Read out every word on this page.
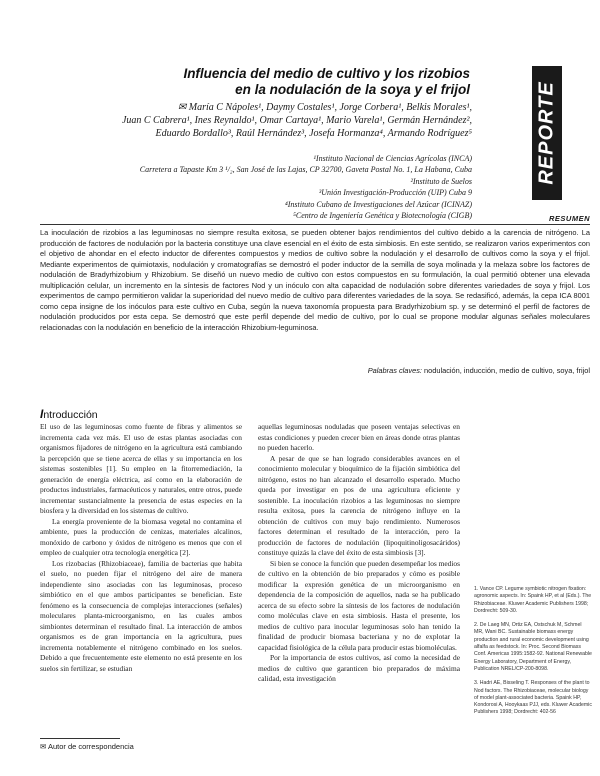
Influencia del medio de cultivo y los rizobios
en la nodulación de la soya y el frijol	REPORTE
✉ María C Nápoles¹, Daymy Costales¹, Jorge Corbera¹, Belkis Morales¹,
Juan C Cabrera¹, Ines Reynaldo¹, Omar Cartaya¹, Mario Varela¹, Germán Hernández²,
Eduardo Bordallo³, Raúl Hernández³, Josefa Hormanza⁴, Armando Rodríguez⁵
¹Instituto Nacional de Ciencias Agrícolas (INCA)
Carretera a Tapaste Km 3 ¹/₂, San José de las Lajas, CP 32700, Gaveta Postal No. 1, La Habana, Cuba
²Instituto de Suelos
³Unión Investigación-Producción (UIP) Cuba 9
⁴Instituto Cubano de Investigaciones del Azúcar (ICINAZ)
⁵Centro de Ingeniería Genética y Biotecnología (CIGB)	RESUMEN
La inoculación de rizobios a las leguminosas no siempre resulta exitosa, se pueden obtener bajos rendimientos del cultivo debido a la carencia de nitrógeno. La producción de factores de nodulación por la bacteria constituye una clave esencial en el éxito de esta simbiosis. En este sentido, se realizaron varios experimentos con el objetivo de ahondar en el efecto inductor de diferentes compuestos y medios de cultivo sobre la nodulación y el desarrollo de cultivos como la soya y el frijol. Mediante experimentos de quimiotaxis, nodulación y cromatografías se demostró el poder inductor de la semilla de soya molinada y la melaza sobre los factores de nodulación de Bradyrhizobium y Rhizobium. Se diseñó un nuevo medio de cultivo con estos compuestos en su formulación, la cual permitió obtener una elevada multiplicación celular, un incremento en la síntesis de factores Nod y un inóculo con alta capacidad de nodulación sobre diferentes variedades de soya y frijol. Los experimentos de campo permitieron validar la superioridad del nuevo medio de cultivo para diferentes variedades de la soya. Se redasificó, además, la cepa ICA 8001 como cepa insigne de los inóculos para este cultivo en Cuba, según la nueva taxonomía propuesta para Bradyrhizobium sp. y se determinó el perfil de factores de nodulación producidos por esta cepa. Se demostró que este perfil depende del medio de cultivo, por lo cual se propone modular algunas señales moleculares relacionadas con la nodulación en beneficio de la interacción Rhizobium-leguminosa.
Palabras claves: nodulación, inducción, medio de cultivo, soya, frijol
Introducción

El uso de las leguminosas como fuente de fibras y alimentos se incrementa cada vez más. El uso de estas plantas asociadas con organismos fijadores de nitrógeno en la agricultura está cambiando la percepción que se tiene acerca de ellas y su importancia en los sistemas sostenibles [1]. Su empleo en la fitorremediación, la generación de energía eléctrica, así como en la elaboración de productos industriales, farmacéuticos y naturales, entre otros, puede incrementar sustancialmente la presencia de estas especies en la biosfera y la diversidad en los sistemas de cultivo.

La energía proveniente de la biomasa vegetal no contamina el ambiente, pues la producción de cenizas, materiales alcalinos, monóxido de carbono y óxidos de nitrógeno es menos que con el empleo de cualquier otra tecnología energética [2].

Los rizobacias (Rhizobiaceae), familia de bacterias que habita el suelo, no pueden fijar el nitrógeno del aire de manera independiente sino asociadas con las leguminosas, proceso simbiótico en el que ambos participantes se benefician. Este fenómeno es la consecuencia de complejas interacciones (señales) moleculares planta-microorganismo, en las cuales ambos simbiontes determinan el resultado final. La interacción de ambos organismos es de gran importancia en la agricultura, pues incrementa notablemente el nitrógeno combinado en los suelos. Debido a que frecuentemente este elemento no está presente en los suelos sin fertilizar, se estudian

aquellas leguminosas noduladas que poseen ventajas selectivas en estas condiciones y pueden crecer bien en áreas donde otras plantas no pueden hacerlo.

A pesar de que se han logrado considerables avances en el conocimiento molecular y bioquímico de la fijación simbiótica del nitrógeno, estos no han alcanzado el desarrollo esperado. Mucho queda por investigar en pos de una agricultura eficiente y sostenible. La inoculación rizobios a las leguminosas no siempre resulta exitosa, pues la carencia de nitrógeno influye en la obtención de cultivos con muy bajo rendimiento. Numerosos factores determinan el resultado de la interacción, pero la producción de factores de nodulación (lipoquitinoligosacáridos) constituye quizás la clave del éxito de esta simbiosis [3].

Si bien se conoce la función que pueden desempeñar los medios de cultivo en la obtención de bio preparados y cómo es posible modificar la expresión genética de un microorganismo en dependencia de la composición de aquellos, nada se ha publicado acerca de su efecto sobre la síntesis de los factores de nodulación como moléculas clave en esta simbiosis. Hasta el presente, los medios de cultivo para inocular leguminosas solo han tenido la finalidad de producir biomasa bacteriana y no de explotar la capacidad fisiológica de la célula para producir estas biomoléculas.

Por la importancia de estos cultivos, así como la necesidad de medios de cultivo que garanticen bio preparados de máxima calidad, esta investigación

1. Vance CP. Legume symbiotic nitrogen fixation: agronomic aspects. In: Spaink HP, et al (Eds.). The Rhizobiaceae. Kluwer Academic Publishers 1998; Dordrecht: 509-30.

2. De Laeg MN, Ortiz EA, Ostschuk M, Schmel MR, Wani BC. Sustainable biomass energy production and rural economic development using alfalfa as feedstock. In: Proc. Second Biomass Conf. Americas 1995:1582-92. National Renewable Energy Laboratory, Department of Energy, Publication NREL/CP-200-8098.

3. Hadri AE, Bisseling T. Responses of the plant to Nod factors. The Rhizobiaceae, molecular biology of model plant-associated bacteria. Spaink HP, Kondorosi A, Hooykaas PJJ, eds. Kluwer Academic Publishers 1998; Dordrecht: 402-56

✉ Autor de correspondencia
